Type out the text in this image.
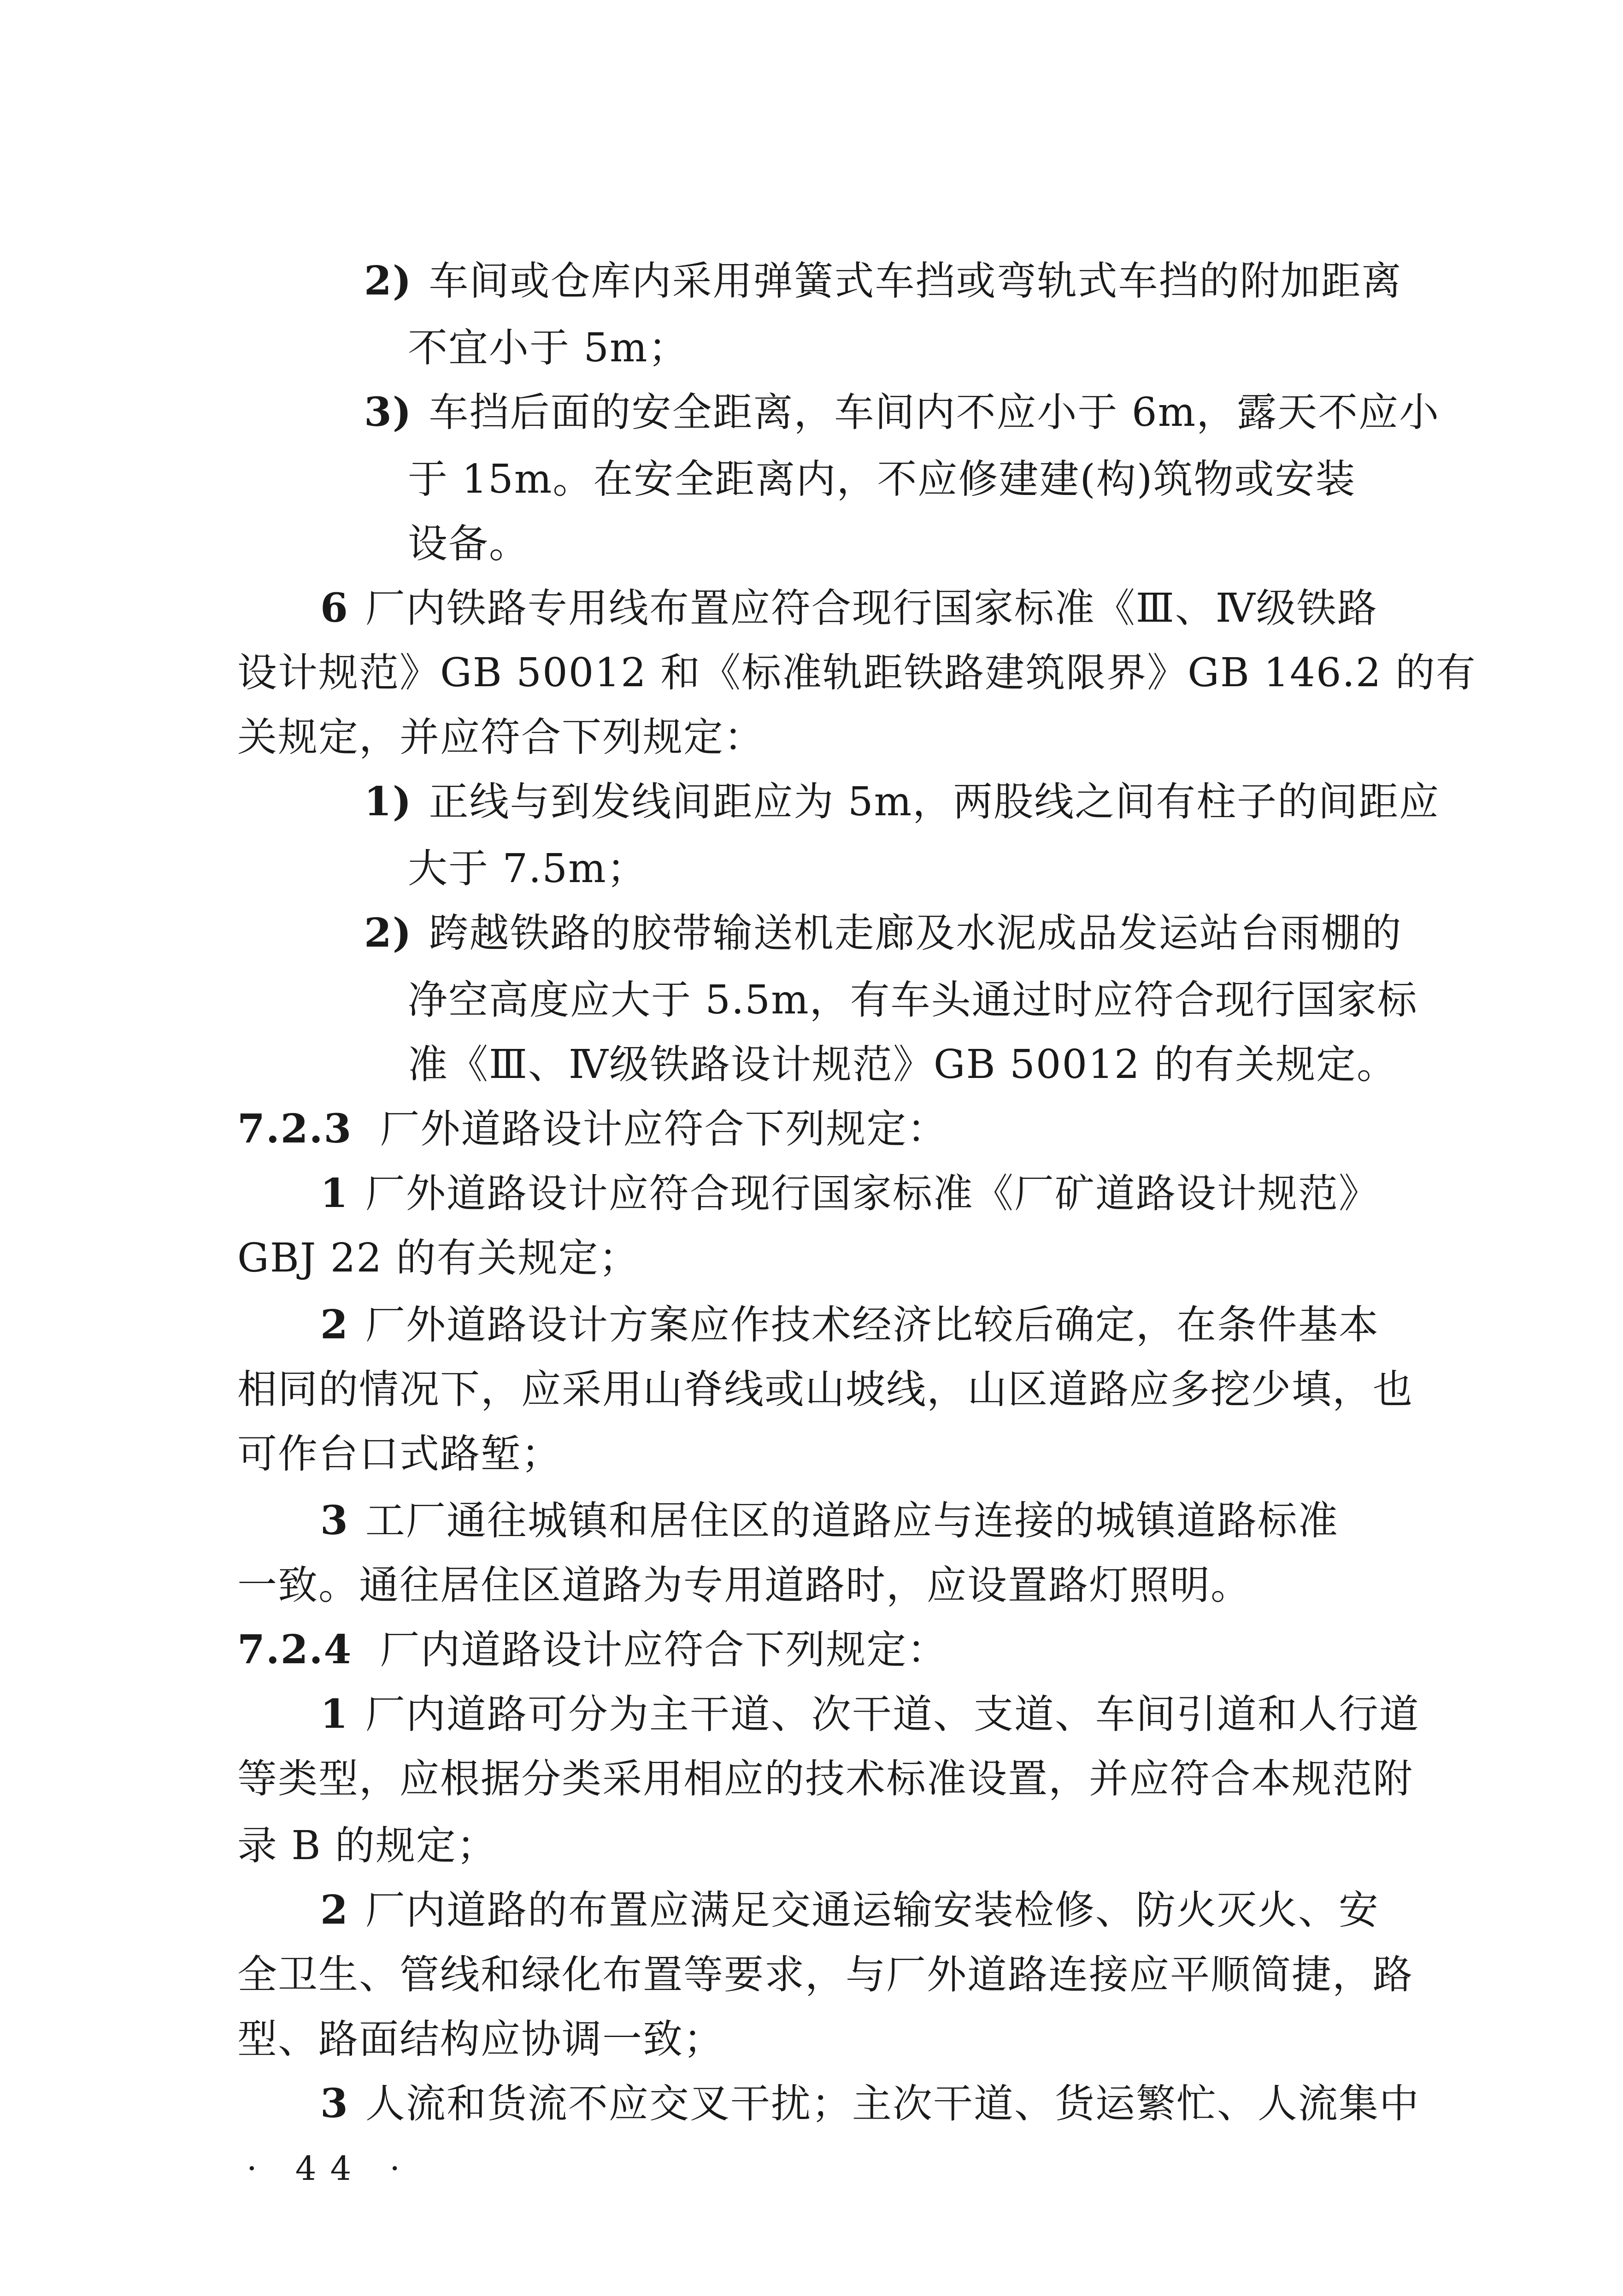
2) 车间或仓库内采用弹簧式车挡或弯轨式车挡的附加距离
不宜小于 5m；
3) 车挡后面的安全距离，车间内不应小于 6m，露天不应小
于 15m。在安全距离内，不应修建建(构)筑物或安装
设备。
6 厂内铁路专用线布置应符合现行国家标准《Ⅲ、Ⅳ级铁路
设计规范》GB 50012 和《标准轨距铁路建筑限界》GB 146.2 的有
关规定，并应符合下列规定：
1) 正线与到发线间距应为 5m，两股线之间有柱子的间距应
大于 7.5m；
2) 跨越铁路的胶带输送机走廊及水泥成品发运站台雨棚的
净空高度应大于 5.5m，有车头通过时应符合现行国家标
准《Ⅲ、Ⅳ级铁路设计规范》GB 50012 的有关规定。
7.2.3 厂外道路设计应符合下列规定：
1 厂外道路设计应符合现行国家标准《厂矿道路设计规范》
GBJ 22 的有关规定；
2 厂外道路设计方案应作技术经济比较后确定，在条件基本
相同的情况下，应采用山脊线或山坡线，山区道路应多挖少填，也
可作台口式路堑；
3 工厂通往城镇和居住区的道路应与连接的城镇道路标准
一致。通往居住区道路为专用道路时，应设置路灯照明。
7.2.4 厂内道路设计应符合下列规定：
1 厂内道路可分为主干道、次干道、支道、车间引道和人行道
等类型，应根据分类采用相应的技术标准设置，并应符合本规范附
录 B 的规定；
2 厂内道路的布置应满足交通运输安装检修、防火灭火、安
全卫生、管线和绿化布置等要求，与厂外道路连接应平顺简捷，路
型、路面结构应协调一致；
3 人流和货流不应交叉干扰；主次干道、货运繁忙、人流集中
· 44 ·
